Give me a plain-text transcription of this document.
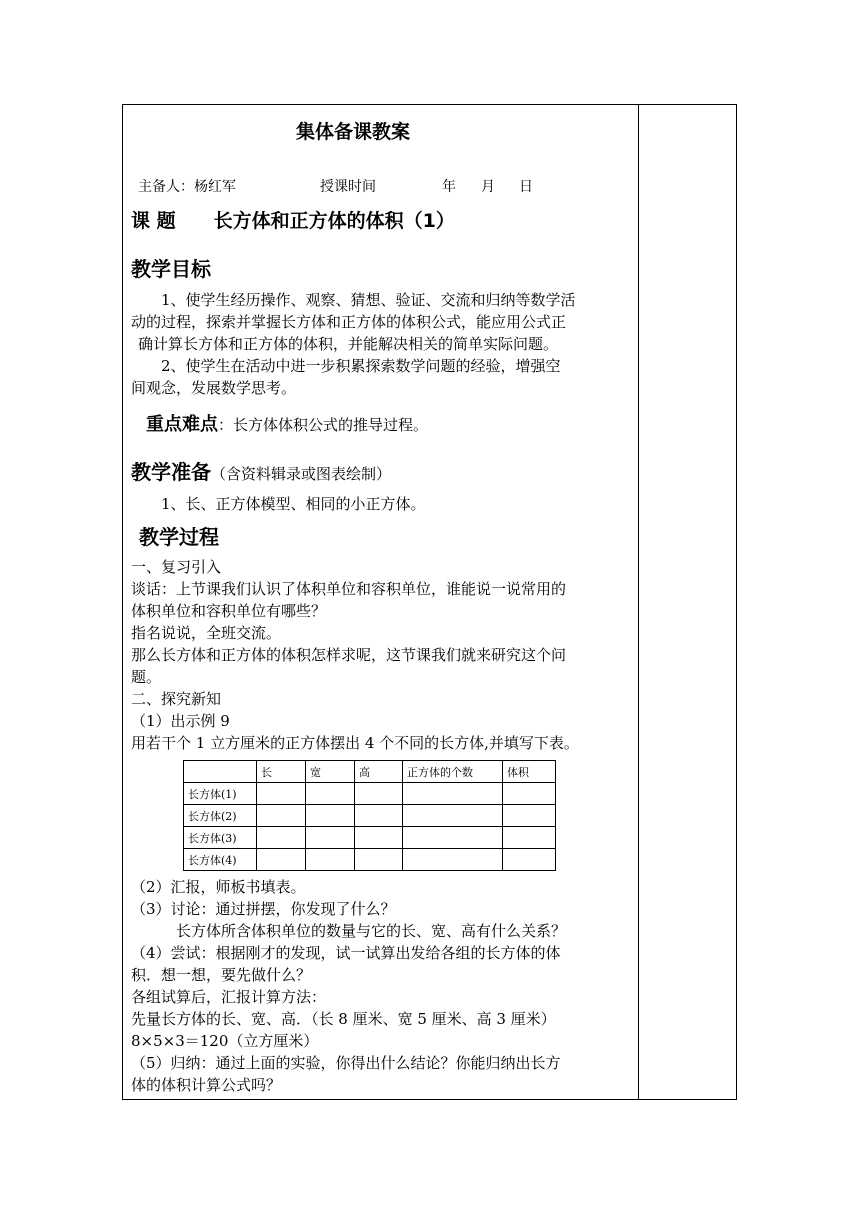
集体备课教案
主备人：杨红军	授课时间	年 月 日
课 题 长方体和正方体的体积（1）
教学目标
1、使学生经历操作、观察、猜想、验证、交流和归纳等数学活
动的过程，探索并掌握长方体和正方体的体积公式，能应用公式正
确计算长方体和正方体的体积，并能解决相关的简单实际问题。
2、使学生在活动中进一步积累探索数学问题的经验，增强空
间观念，发展数学思考。
重点难点：长方体体积公式的推导过程。
教学准备（含资料辑录或图表绘制）
1、长、正方体模型、相同的小正方体。
教学过程
一、复习引入
谈话：上节课我们认识了体积单位和容积单位，谁能说一说常用的
体积单位和容积单位有哪些？
指名说说，全班交流。
那么长方体和正方体的体积怎样求呢，这节课我们就来研究这个问
题。
二、探究新知
（1）出示例 9
用若干个 1 立方厘米的正方体摆出 4 个不同的长方体,并填写下表。
	长	宽	高	正方体的个数	体积
长方体(1)					
长方体(2)					
长方体(3)					
长方体(4)					
（2）汇报，师板书填表。
（3）讨论：通过拼摆，你发现了什么？
长方体所含体积单位的数量与它的长、宽、高有什么关系？
（4）尝试：根据刚才的发现，试一试算出发给各组的长方体的体
积．想一想，要先做什么？
各组试算后，汇报计算方法：
先量长方体的长、宽、高．（长 8 厘米、宽 5 厘米、高 3 厘米）
8×5×3＝120（立方厘米）
（5）归纳：通过上面的实验，你得出什么结论？你能归纳出长方
体的体积计算公式吗？
